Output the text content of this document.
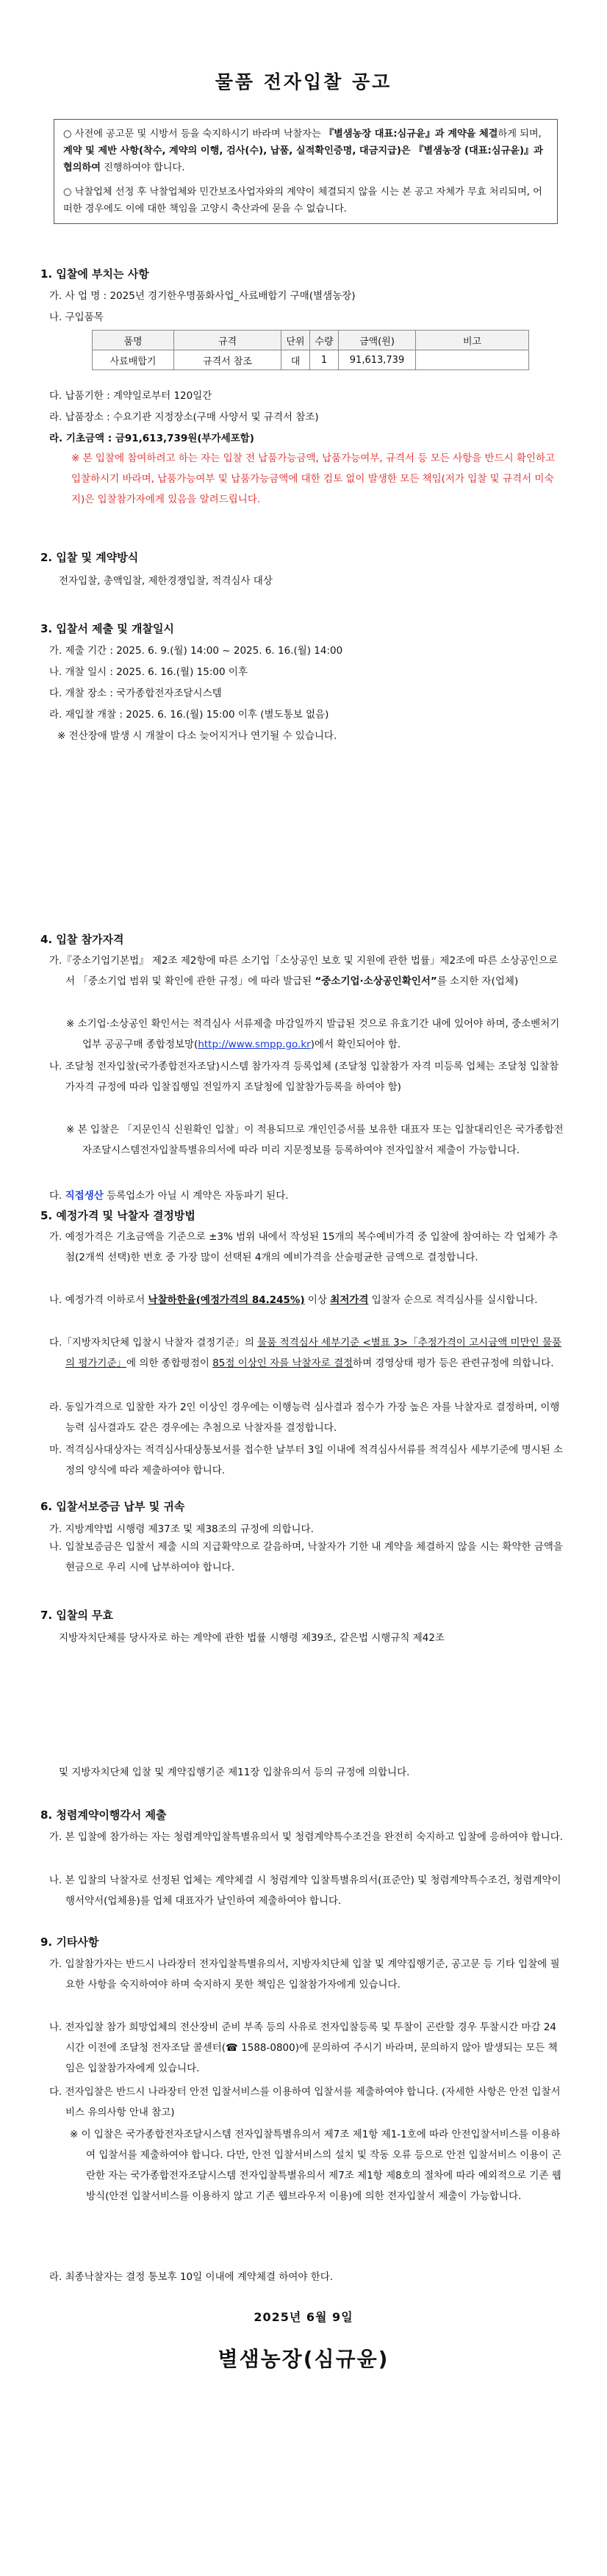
물품 전자입찰 공고

○ 사전에 공고문 및 시방서 등을 숙지하시기 바라며 낙찰자는 『별샘농장 대표:심규윤』과 계약을 체결하게 되며, 계약 및 제반 사항(착수, 계약의 이행, 검사(수), 납품, 실적확인증명, 대금지급)은 『별샘농장 (대표:심규윤)』과 협의하여 진행하여야 합니다.

○ 낙찰업체 선정 후 낙찰업체와 민간보조사업자와의 계약이 체결되지 않을 시는 본 공고 자체가 무효 처리되며, 어떠한 경우에도 이에 대한 책임을 고양시 축산과에 묻을 수 없습니다.

1. 입찰에 부치는 사항
가. 사 업 명 : 2025년 경기한우명품화사업_사료배합기 구매(별샘농장)
나. 구입품목
품명	규격	단위	수량	금액(원)	비고
사료배합기	규격서 참조	대	1	91,613,739	
다. 납품기한 : 계약일로부터 120일간
라. 납품장소 : 수요기관 지정장소(구매 사양서 및 규격서 참조)
라. 기초금액 : 금91,613,739원(부가세포함)
※ 본 입찰에 참여하려고 하는 자는 입찰 전 납품가능금액, 납품가능여부, 규격서 등 모든 사항을 반드시 확인하고 입찰하시기 바라며, 납품가능여부 및 납품가능금액에 대한 검토 없이 발생한 모든 책임(저가 입찰 및 규격서 미숙지)은 입찰참가자에게 있음을 알려드립니다.
2. 입찰 및 계약방식
전자입찰, 총액입찰, 제한경쟁입찰, 적격심사 대상
3. 입찰서 제출 및 개찰일시
가. 제출 기간 : 2025. 6. 9.(월) 14:00 ~ 2025. 6. 16.(월) 14:00
나. 개찰 일시 : 2025. 6. 16.(월) 15:00 이후
다. 개찰 장소 : 국가종합전자조달시스템
라. 재입찰 개찰 : 2025. 6. 16.(월) 15:00 이후 (별도통보 없음)
※ 전산장애 발생 시 개찰이 다소 늦어지거나 연기될 수 있습니다.
4. 입찰 참가자격
가.『중소기업기본법』 제2조 제2항에 따른 소기업「소상공인 보호 및 지원에 관한 법률」제2조에 따른 소상공인으로서 「중소기업 범위 및 확인에 관한 규정」에 따라 발급된 “중소기업·소상공인확인서”를 소지한 자(업체)
※ 소기업·소상공인 확인서는 적격심사 서류제출 마감일까지 발급된 것으로 유효기간 내에 있어야 하며, 중소벤처기업부 공공구매 종합정보망(http://www.smpp.go.kr)에서 확인되어야 함.
나. 조달청 전자입찰(국가종합전자조달)시스템 참가자격 등록업체 (조달청 입찰참가 자격 미등록 업체는 조달청 입찰참가자격 규정에 따라 입찰집행일 전일까지 조달청에 입찰참가등록을 하여야 함)
※ 본 입찰은 「지문인식 신원확인 입찰」이 적용되므로 개인인증서를 보유한 대표자 또는 입찰대리인은 국가종합전자조달시스템전자입찰특별유의서에 따라 미리 지문정보를 등록하여야 전자입찰서 제출이 가능합니다.
다. 직접생산 등록업소가 아닐 시 계약은 자동파기 된다.
5. 예정가격 및 낙찰자 결정방법
가. 예정가격은 기초금액을 기준으로 ±3% 범위 내에서 작성된 15개의 복수예비가격 중 입찰에 참여하는 각 업체가 추첨(2개씩 선택)한 번호 중 가장 많이 선택된 4개의 예비가격을 산술평균한 금액으로 결정합니다.
나. 예정가격 이하로서 낙찰하한율(예정가격의 84.245%) 이상 최저가격 입찰자 순으로 적격심사를 실시합니다.
다.「지방자치단체 입찰시 낙찰자 결정기준」의 물품 적격심사 세부기준 <별표 3>「추정가격이 고시금액 미만인 물품의 평가기준」에 의한 종합평점이 85점 이상인 자를 낙찰자로 결정하며 경영상태 평가 등은 관련규정에 의합니다.
라. 동일가격으로 입찰한 자가 2인 이상인 경우에는 이행능력 심사결과 점수가 가장 높은 자를 낙찰자로 결정하며, 이행능력 심사결과도 같은 경우에는 추첨으로 낙찰자를 결정합니다.
마. 적격심사대상자는 적격심사대상통보서를 접수한 날부터 3일 이내에 적격심사서류를 적격심사 세부기준에 명시된 소정의 양식에 따라 제출하여야 합니다.
6. 입찰서보증금 납부 및 귀속
가. 지방계약법 시행령 제37조 및 제38조의 규정에 의합니다.
나. 입찰보증금은 입찰서 제출 시의 지급확약으로 갈음하며, 낙찰자가 기한 내 계약을 체결하지 않을 시는 확약한 금액을 현금으로 우리 시에 납부하여야 합니다.
7. 입찰의 무효
지방자치단체를 당사자로 하는 계약에 관한 법률 시행령 제39조, 같은법 시행규칙 제42조
및 지방자치단체 입찰 및 계약집행기준 제11장 입찰유의서 등의 규정에 의합니다.
8. 청렴계약이행각서 제출
가. 본 입찰에 참가하는 자는 청렴계약입찰특별유의서 및 청렴계약특수조건을 완전히 숙지하고 입찰에 응하여야 합니다.
나. 본 입찰의 낙찰자로 선정된 업체는 계약체결 시 청렴계약 입찰특별유의서(표준안) 및 청렴계약특수조건, 청렴계약이행서약서(업체용)를 업체 대표자가 날인하여 제출하여야 합니다.
9. 기타사항
가. 입찰참가자는 반드시 나라장터 전자입찰특별유의서, 지방자치단체 입찰 및 계약집행기준, 공고문 등 기타 입찰에 필요한 사항을 숙지하여야 하며 숙지하지 못한 책임은 입찰참가자에게 있습니다.
나. 전자입찰 참가 희망업체의 전산장비 준비 부족 등의 사유로 전자입찰등록 및 투찰이 곤란할 경우 투찰시간 마감 24시간 이전에 조달청 전자조달 콜센터(☎ 1588-0800)에 문의하여 주시기 바라며, 문의하지 않아 발생되는 모든 책임은 입찰참가자에게 있습니다.
다. 전자입찰은 반드시 나라장터 안전 입찰서비스를 이용하여 입찰서를 제출하여야 합니다. (자세한 사항은 안전 입찰서비스 유의사항 안내 참고)
※ 이 입찰은 국가종합전자조달시스템 전자입찰특별유의서 제7조 제1항 제1-1호에 따라 안전입찰서비스를 이용하여 입찰서를 제출하여야 합니다. 다만, 안전 입찰서비스의 설치 및 작동 오류 등으로 안전 입찰서비스 이용이 곤란한 자는 국가종합전자조달시스템 전자입찰특별유의서 제7조 제1항 제8호의 절차에 따라 예외적으로 기존 웹방식(안전 입찰서비스를 이용하지 않고 기존 웹브라우저 이용)에 의한 전자입찰서 제출이 가능합니다.
라. 최종낙찰자는 결정 통보후 10일 이내에 계약체결 하여야 한다.
2025년 6월 9일
별샘농장(심규윤)
